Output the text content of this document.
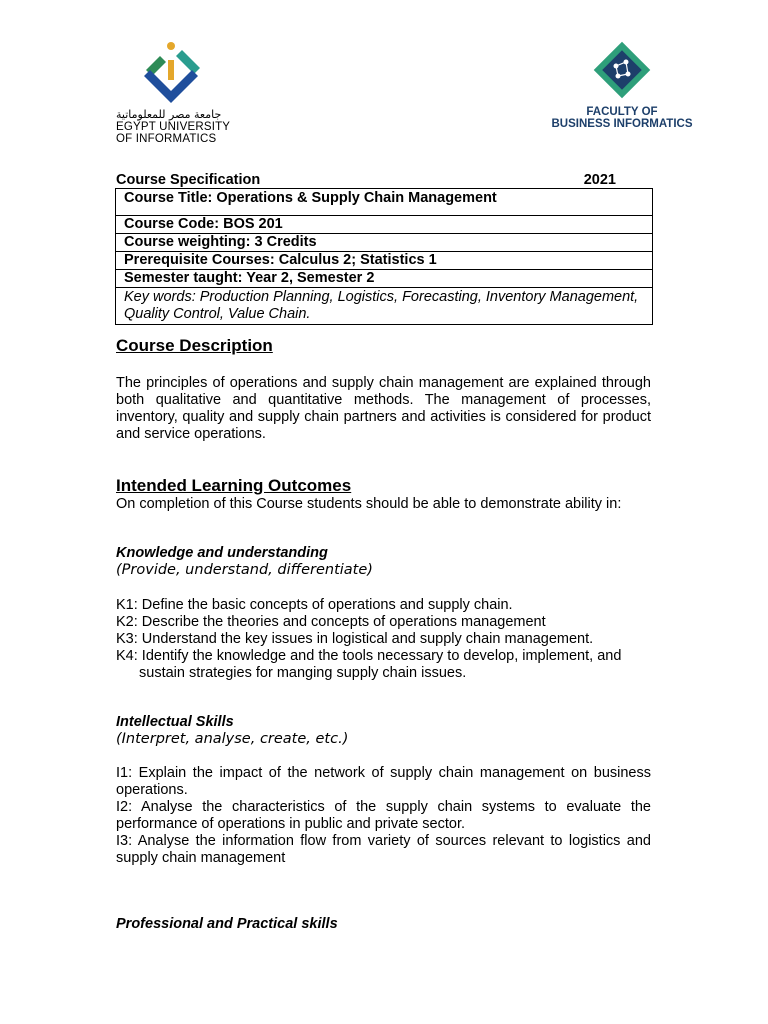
جامعة مصر للمعلوماتية
EGYPT UNIVERSITY
OF INFORMATICS
FACULTY OF
BUSINESS INFORMATICS
Course Specification	2021
Course Title: Operations & Supply Chain Management
Course Code: BOS 201
Course weighting: 3 Credits
Prerequisite Courses: Calculus 2; Statistics 1
Semester taught: Year 2, Semester 2
Key words: Production Planning, Logistics, Forecasting, Inventory Management, Quality Control, Value Chain.
Course Description
The principles of operations and supply chain management are explained through both qualitative and quantitative methods. The management of processes, inventory, quality and supply chain partners and activities is considered for product and service operations.
Intended Learning Outcomes
On completion of this Course students should be able to demonstrate ability in:
Knowledge and understanding
(Provide, understand, differentiate)
K1: Define the basic concepts of operations and supply chain.
K2: Describe the theories and concepts of operations management
K3: Understand the key issues in logistical and supply chain management.
K4: Identify the knowledge and the tools necessary to develop, implement, and sustain strategies for manging supply chain issues.
Intellectual Skills
(Interpret, analyse, create, etc.)
I1: Explain the impact of the network of supply chain management on business operations.
I2: Analyse the characteristics of the supply chain systems to evaluate the performance of operations in public and private sector.
I3: Analyse the information flow from variety of sources relevant to logistics and supply chain management
Professional and Practical skills
